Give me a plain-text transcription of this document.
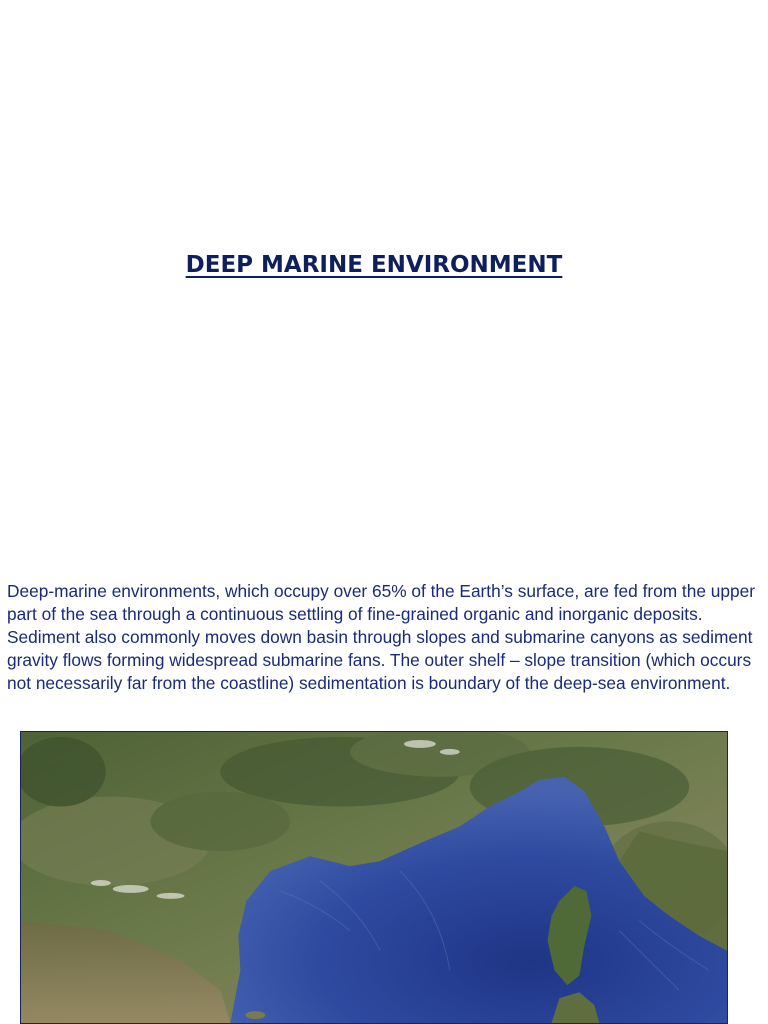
DEEP MARINE ENVIRONMENT

Deep-marine environments, which occupy over 65% of the Earth’s surface, are fed from the upper part of the sea through a continuous settling of fine-grained organic and inorganic deposits. Sediment also commonly moves down basin through slopes and submarine canyons as sediment gravity flows forming widespread submarine fans. The outer shelf – slope transition (which occurs not necessarily far from the coastline) sedimentation is boundary of the deep-sea environment.
